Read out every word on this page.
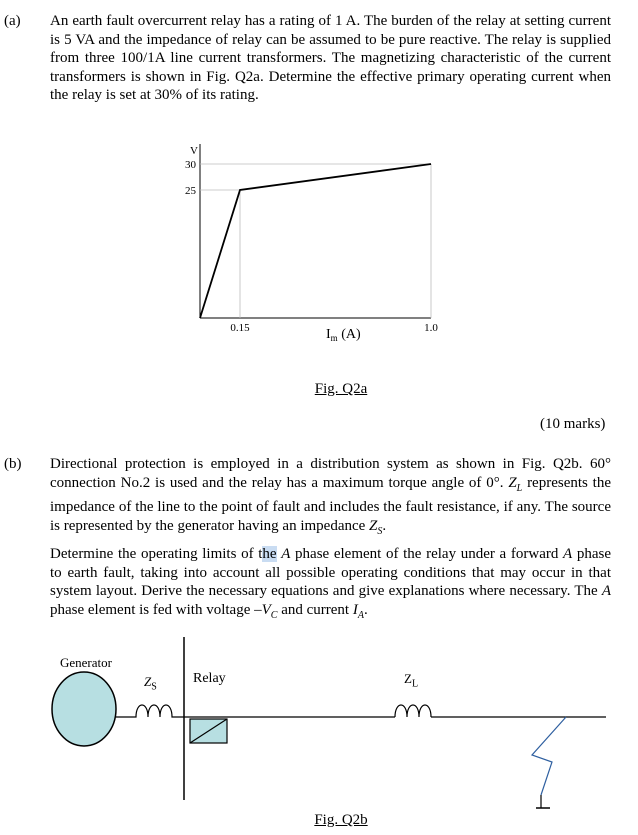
(a) An earth fault overcurrent relay has a rating of 1 A. The burden of the relay at setting current is 5 VA and the impedance of relay can be assumed to be pure reactive. The relay is supplied from three 100/1A line current transformers. The magnetizing characteristic of the current transformers is shown in Fig. Q2a. Determine the effective primary operating current when the relay is set at 30% of its rating.

30
25
0.15	1.0
V
$I_m$ (A)
Fig. Q2a
(10 marks)
(b) Directional protection is employed in a distribution system as shown in Fig. Q2b. 60° connection No.2 is used and the relay has a maximum torque angle of 0°. $Z_L$ represents the impedance of the line to the point of fault and includes the fault resistance, if any. The source is represented by the generator having an impedance $Z_S$.

Determine the operating limits of the A phase element of the relay under a forward A phase to earth fault, taking into account all possible operating conditions that may occur in that system layout. Derive the necessary equations and give explanations where necessary. The A phase element is fed with voltage $-V_C$ and current $I_A$.

Generator
$Z_S$
Relay	$Z_L$
Fig. Q2b
